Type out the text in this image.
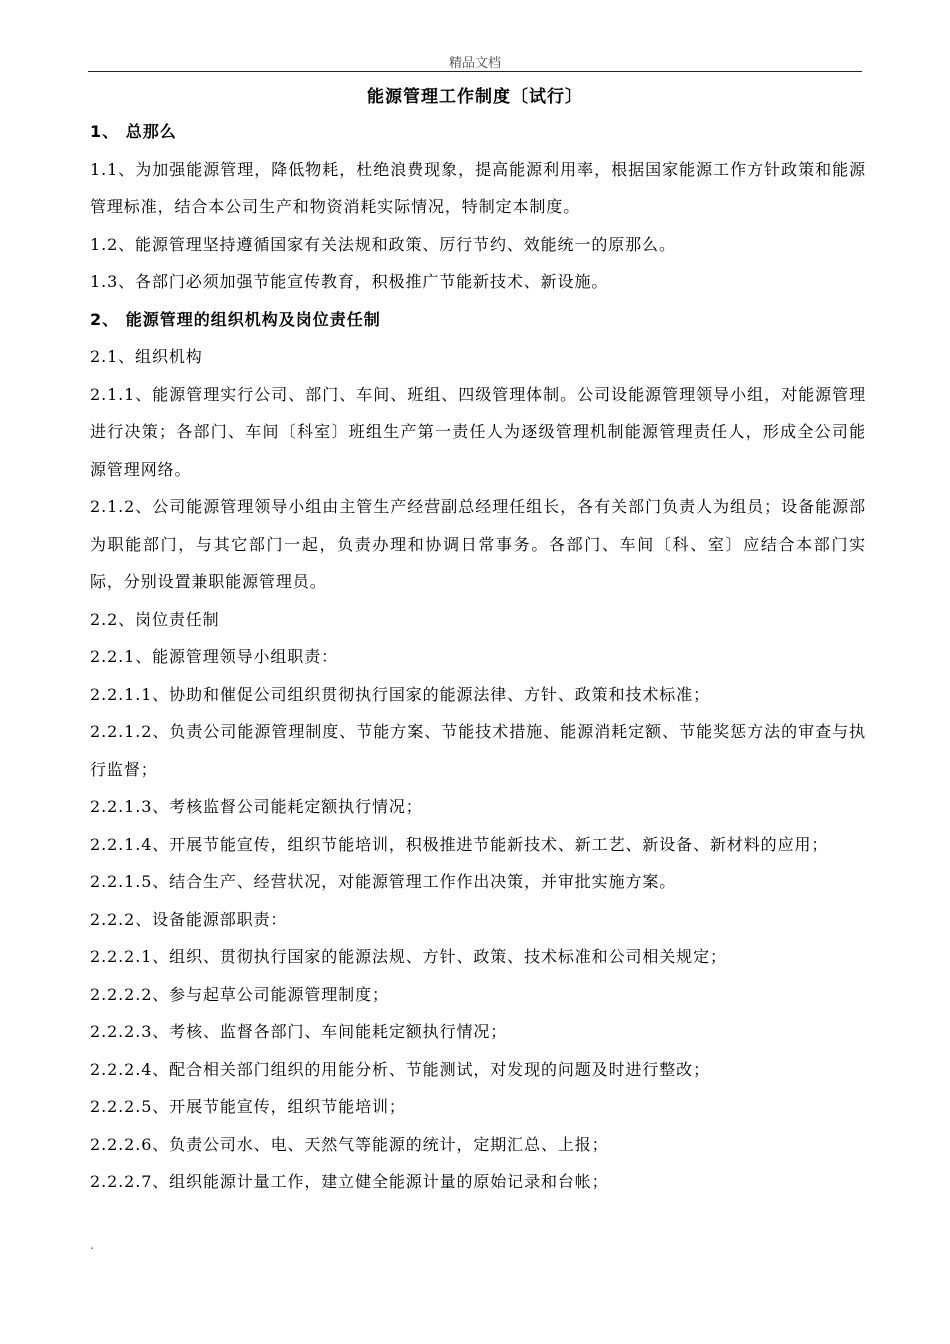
精品文档
能源管理工作制度〔试行〕

1、 总那么

1.1、为加强能源管理，降低物耗，杜绝浪费现象，提高能源利用率，根据国家能源工作方针政策和能源管理标准，结合本公司生产和物资消耗实际情况，特制定本制度。

1.2、能源管理坚持遵循国家有关法规和政策、厉行节约、效能统一的原那么。

1.3、各部门必须加强节能宣传教育，积极推广节能新技术、新设施。

2、 能源管理的组织机构及岗位责任制

2.1、组织机构

2.1.1、能源管理实行公司、部门、车间、班组、四级管理体制。公司设能源管理领导小组，对能源管理进行决策；各部门、车间〔科室〕班组生产第一责任人为逐级管理机制能源管理责任人，形成全公司能源管理网络。

2.1.2、公司能源管理领导小组由主管生产经营副总经理任组长，各有关部门负责人为组员；设备能源部为职能部门，与其它部门一起，负责办理和协调日常事务。各部门、车间〔科、室〕应结合本部门实际，分别设置兼职能源管理员。

2.2、岗位责任制

2.2.1、能源管理领导小组职责：

2.2.1.1、协助和催促公司组织贯彻执行国家的能源法律、方针、政策和技术标准；

2.2.1.2、负责公司能源管理制度、节能方案、节能技术措施、能源消耗定额、节能奖惩方法的审查与执行监督；

2.2.1.3、考核监督公司能耗定额执行情况；

2.2.1.4、开展节能宣传，组织节能培训，积极推进节能新技术、新工艺、新设备、新材料的应用；

2.2.1.5、结合生产、经营状况，对能源管理工作作出决策，并审批实施方案。

2.2.2、设备能源部职责：

2.2.2.1、组织、贯彻执行国家的能源法规、方针、政策、技术标准和公司相关规定；

2.2.2.2、参与起草公司能源管理制度；

2.2.2.3、考核、监督各部门、车间能耗定额执行情况；

2.2.2.4、配合相关部门组织的用能分析、节能测试，对发现的问题及时进行整改；

2.2.2.5、开展节能宣传，组织节能培训；

2.2.2.6、负责公司水、电、天然气等能源的统计，定期汇总、上报；

2.2.2.7、组织能源计量工作，建立健全能源计量的原始记录和台帐；

.
